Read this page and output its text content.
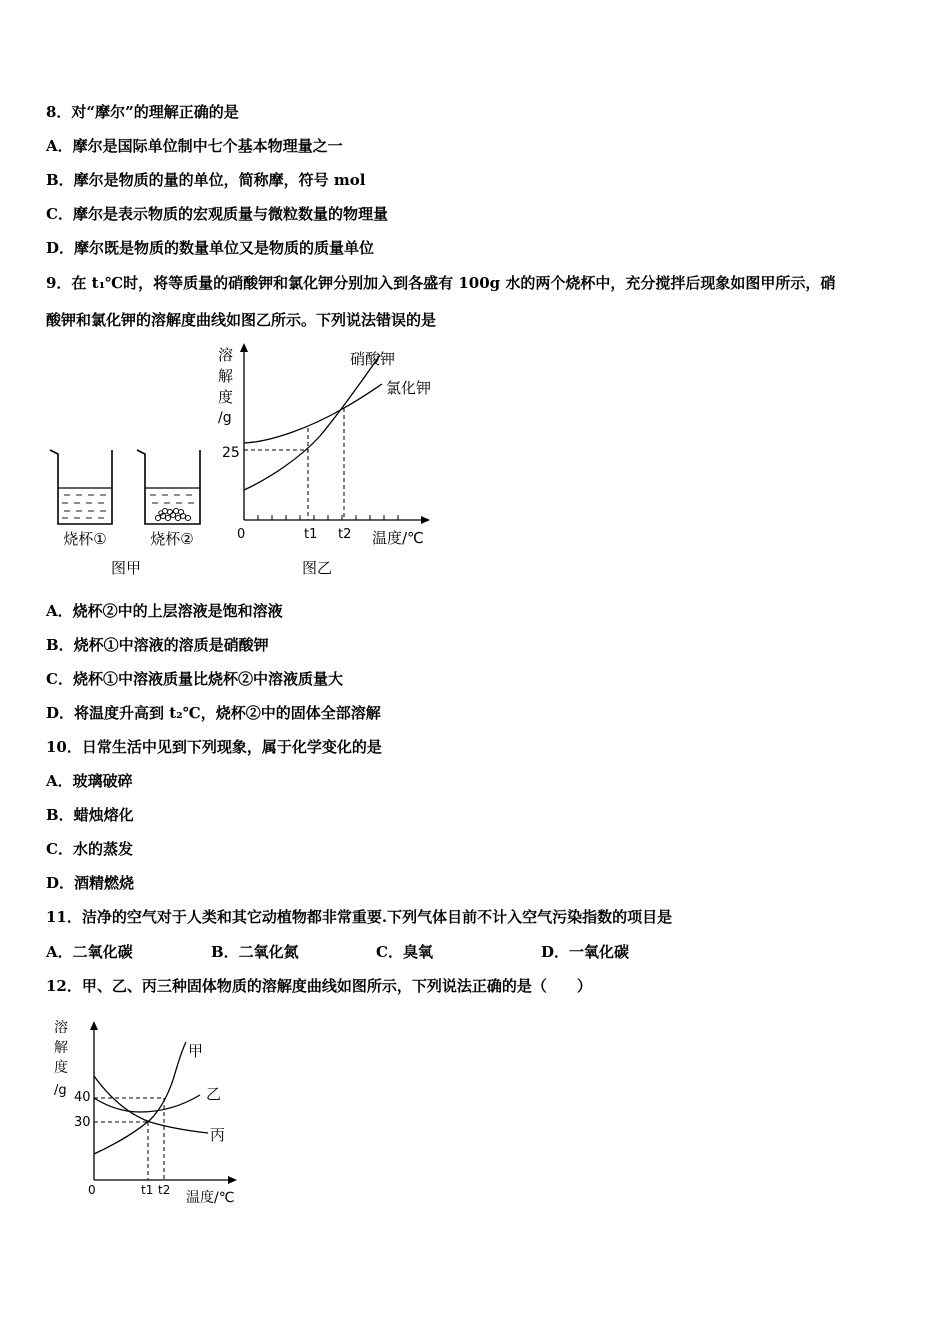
8．对“摩尔”的理解正确的是
A．摩尔是国际单位制中七个基本物理量之一
B．摩尔是物质的量的单位，简称摩，符号 mol
C．摩尔是表示物质的宏观质量与微粒数量的物理量
D．摩尔既是物质的数量单位又是物质的质量单位
9．在 t₁℃时，将等质量的硝酸钾和氯化钾分别加入到各盛有 100g 水的两个烧杯中，充分搅拌后现象如图甲所示，硝
酸钾和氯化钾的溶解度曲线如图乙所示。下列说法错误的是
烧杯①	烧杯②
图甲
溶
解
度
/g
25
0
硝酸钾
氯化钾
t1 t2 温度/℃
图乙
A．烧杯②中的上层溶液是饱和溶液
B．烧杯①中溶液的溶质是硝酸钾
C．烧杯①中溶液质量比烧杯②中溶液质量大
D．将温度升高到 t₂℃，烧杯②中的固体全部溶解
10．日常生活中见到下列现象，属于化学变化的是
A．玻璃破碎
B．蜡烛熔化
C．水的蒸发
D．酒精燃烧
11．洁净的空气对于人类和其它动植物都非常重要.下列气体目前不计入空气污染指数的项目是
A．二氧化碳	B．二氧化氮	C．臭氧	D．一氧化碳
12．甲、乙、丙三种固体物质的溶解度曲线如图所示，下列说法正确的是（　　）
溶
解
度
/g 40
30
0
甲
乙
丙
t1 t2 温度/℃
